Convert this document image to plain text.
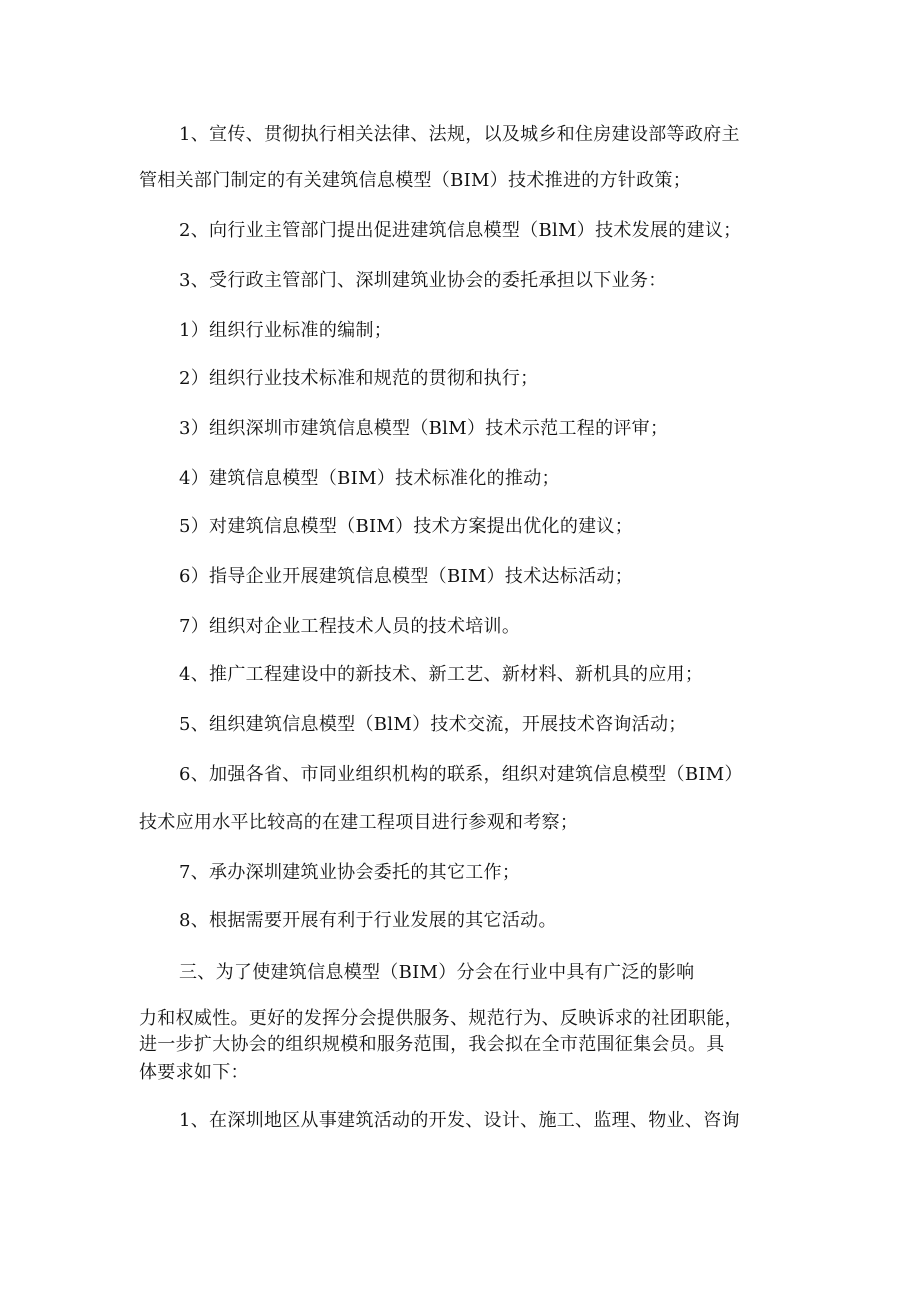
1、宣传、贯彻执行相关法律、法规，以及城乡和住房建设部等政府主
管相关部门制定的有关建筑信息模型（BIM）技术推进的方针政策；
2、向行业主管部门提出促进建筑信息模型（BlM）技术发展的建议；
3、受行政主管部门、深圳建筑业协会的委托承担以下业务：
1）组织行业标准的编制；
2）组织行业技术标准和规范的贯彻和执行；
3）组织深圳市建筑信息模型（BlM）技术示范工程的评审；
4）建筑信息模型（BIM）技术标准化的推动；
5）对建筑信息模型（BIM）技术方案提出优化的建议；
6）指导企业开展建筑信息模型（BIM）技术达标活动；
7）组织对企业工程技术人员的技术培训。
4、推广工程建设中的新技术、新工艺、新材料、新机具的应用；
5、组织建筑信息模型（BlM）技术交流，开展技术咨询活动；
6、加强各省、市同业组织机构的联系，组织对建筑信息模型（BIM）
技术应用水平比较高的在建工程项目进行参观和考察；
7、承办深圳建筑业协会委托的其它工作；
8、根据需要开展有利于行业发展的其它活动。
三、为了使建筑信息模型（BIM）分会在行业中具有广泛的影响
力和权威性。更好的发挥分会提供服务、规范行为、反映诉求的社团职能，
进一步扩大协会的组织规模和服务范围，我会拟在全市范围征集会员。具
体要求如下：
1、在深圳地区从事建筑活动的开发、设计、施工、监理、物业、咨询
